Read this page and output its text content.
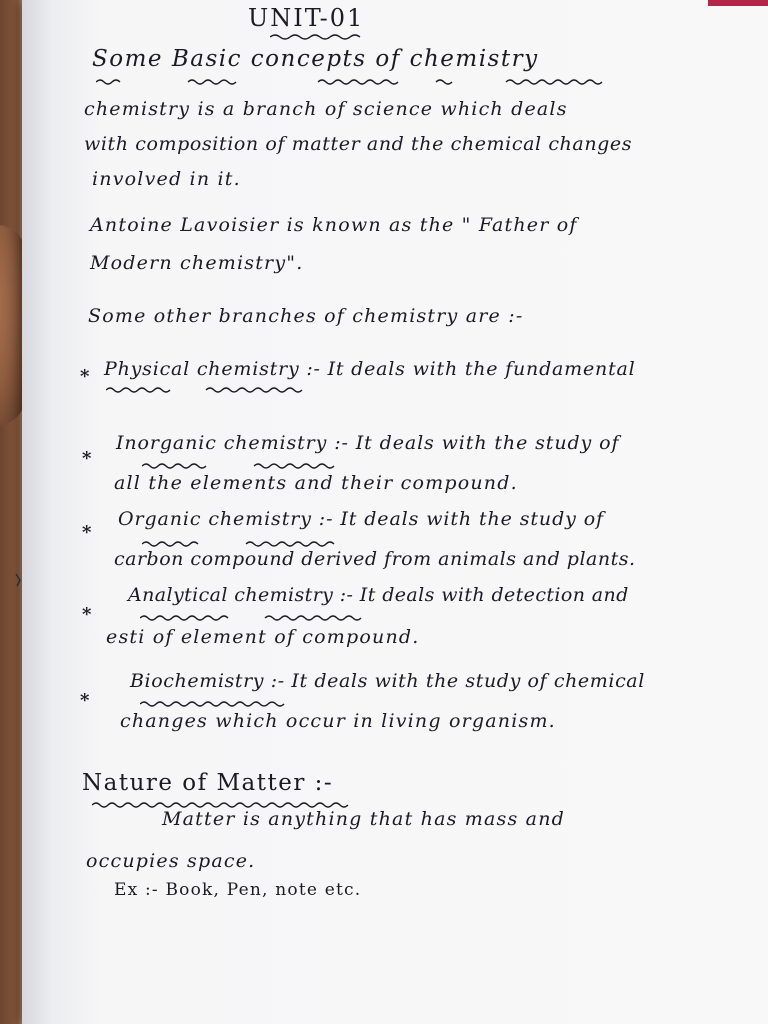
UNIT-01
Some Basic concepts of chemistry
chemistry is a branch of science which deals
with composition of matter and the chemical changes
involved in it.
Antoine Lavoisier is known as the " Father of
Modern chemistry".
Some other branches of chemistry are :-
* Physical chemistry :- It deals with the fundamental
*
Inorganic chemistry :- It deals with the study of
all the elements and their compound.
*
Organic chemistry :- It deals with the study of
carbon compound derived from animals and plants.
*
Analytical chemistry :- It deals with detection and
esti of element of compound.
*
Biochemistry :- It deals with the study of chemical
changes which occur in living organism.
Nature of Matter :-
Matter is anything that has mass and
occupies space.
Ex :- Book, Pen, note etc.
